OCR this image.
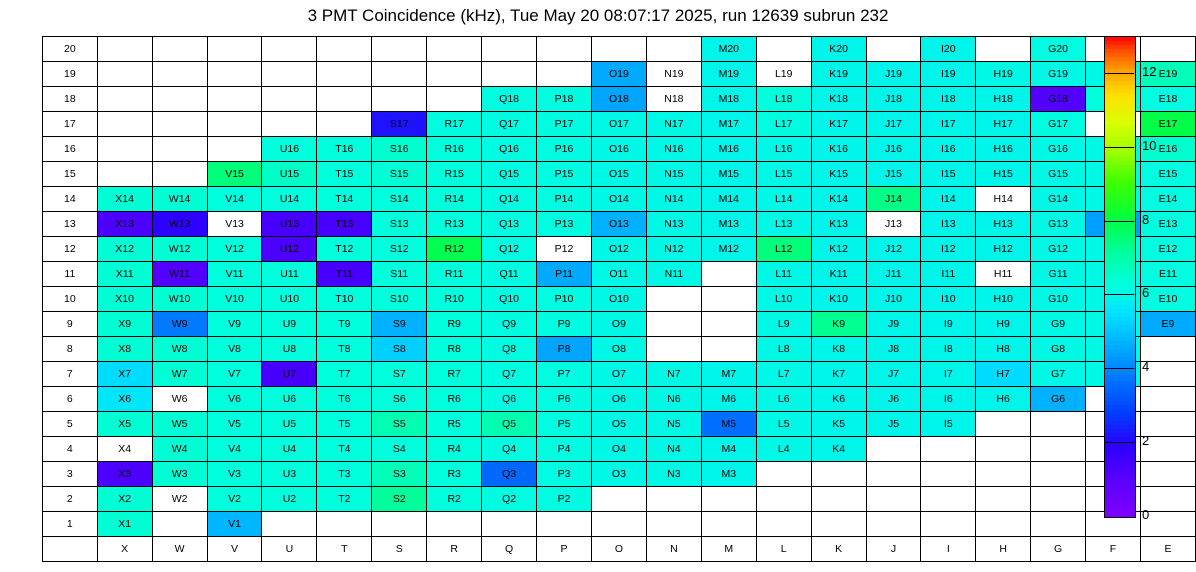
3 PMT Coincidence (kHz), Tue May 20 08:07:17 2025, run 12639 subrun 232
20												M20		K20		I20		G20		
19										O19	N19	M19	L19	K19	J19	I19	H19	G19		E19
18								Q18	P18	O18	N18	M18	L18	K18	J18	I18	H18	G18		E18
17						S17	R17	Q17	P17	O17	N17	M17	L17	K17	J17	I17	H17	G17		E17
16				U16	T16	S16	R16	Q16	P16	O16	N16	M16	L16	K16	J16	I16	H16	G16		E16
15			V15	U15	T15	S15	R15	Q15	P15	O15	N15	M15	L15	K15	J15	I15	H15	G15		E15
14	X14	W14	V14	U14	T14	S14	R14	Q14	P14	O14	N14	M14	L14	K14	J14	I14	H14	G14		E14
13	X13	W13	V13	U13	T13	S13	R13	Q13	P13	O13	N13	M13	L13	K13	J13	I13	H13	G13		E13
12	X12	W12	V12	U12	T12	S12	R12	Q12	P12	O12	N12	M12	L12	K12	J12	I12	H12	G12		E12
11	X11	W11	V11	U11	T11	S11	R11	Q11	P11	O11	N11		L11	K11	J11	I11	H11	G11		E11
10	X10	W10	V10	U10	T10	S10	R10	Q10	P10	O10			L10	K10	J10	I10	H10	G10		E10
9	X9	W9	V9	U9	T9	S9	R9	Q9	P9	O9			L9	K9	J9	I9	H9	G9		E9
8	X8	W8	V8	U8	T8	S8	R8	Q8	P8	O8			L8	K8	J8	I8	H8	G8		
7	X7	W7	V7	U7	T7	S7	R7	Q7	P7	O7	N7	M7	L7	K7	J7	I7	H7	G7		
6	X6	W6	V6	U6	T6	S6	R6	Q6	P6	O6	N6	M6	L6	K6	J6	I6	H6	G6		
5	X5	W5	V5	U5	T5	S5	R5	Q5	P5	O5	N5	M5	L5	K5	J5	I5				
4	X4	W4	V4	U4	T4	S4	R4	Q4	P4	O4	N4	M4	L4	K4						
3	X3	W3	V3	U3	T3	S3	R3	Q3	P3	O3	N3	M3								
2	X2	W2	V2	U2	T2	S2	R2	Q2	P2											
1	X1		V1																	
	X	W	V	U	T	S	R	Q	P	O	N	M	L	K	J	I	H	G	F	E
2
4
6
8
10
12
0
